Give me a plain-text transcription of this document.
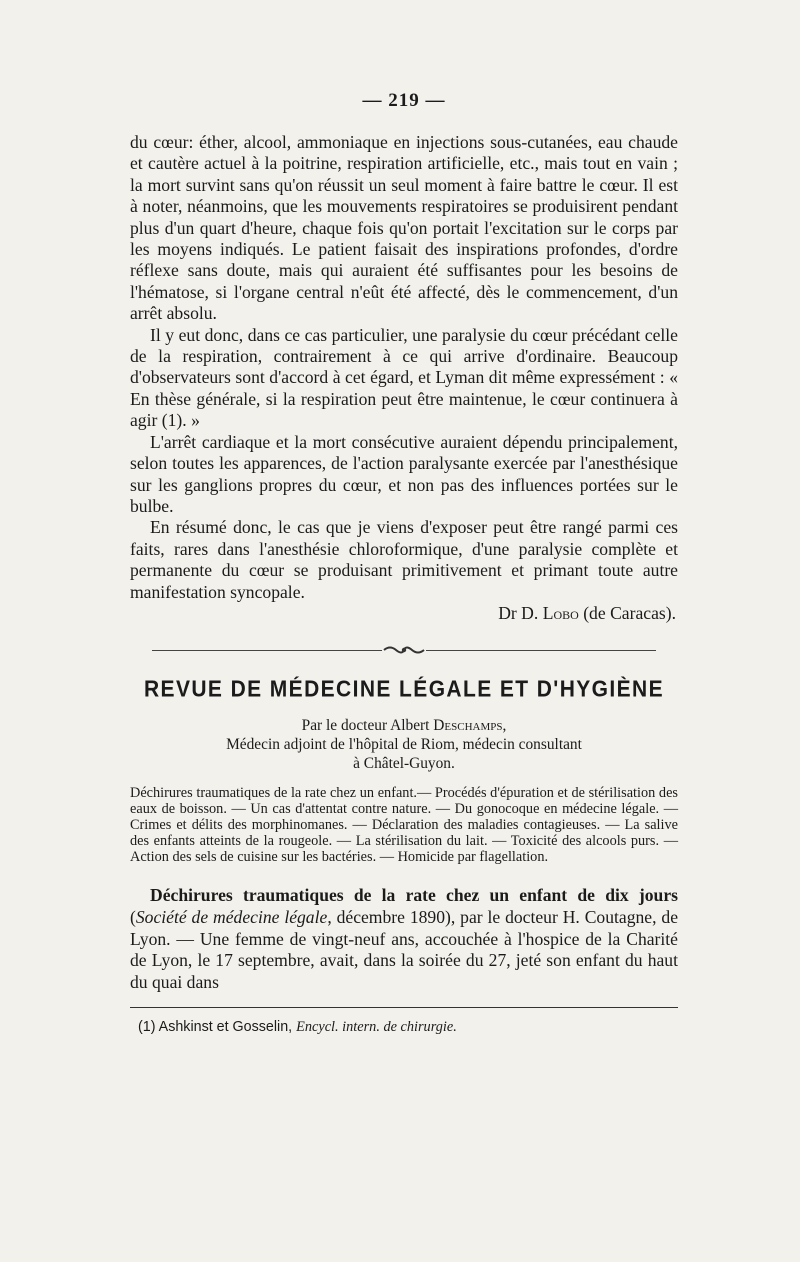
— 219 —

du cœur: éther, alcool, ammoniaque en injections sous-cutanées, eau chaude et cautère actuel à la poitrine, respiration artificielle, etc., mais tout en vain ; la mort survint sans qu'on réussit un seul moment à faire battre le cœur. Il est à noter, néanmoins, que les mouvements respiratoires se produisirent pendant plus d'un quart d'heure, chaque fois qu'on portait l'excitation sur le corps par les moyens indiqués. Le patient faisait des inspirations profondes, d'ordre réflexe sans doute, mais qui auraient été suffisantes pour les besoins de l'hématose, si l'organe central n'eût été affecté, dès le commencement, d'un arrêt absolu.

Il y eut donc, dans ce cas particulier, une paralysie du cœur précédant celle de la respiration, contrairement à ce qui arrive d'ordinaire. Beaucoup d'observateurs sont d'accord à cet égard, et Lyman dit même expressément : « En thèse générale, si la respiration peut être maintenue, le cœur continuera à agir (1). »

L'arrêt cardiaque et la mort consécutive auraient dépendu principalement, selon toutes les apparences, de l'action paralysante exercée par l'anesthésique sur les ganglions propres du cœur, et non pas des influences portées sur le bulbe.

En résumé donc, le cas que je viens d'exposer peut être rangé parmi ces faits, rares dans l'anesthésie chloroformique, d'une paralysie complète et permanente du cœur se produisant primitivement et primant toute autre manifestation syncopale.

Dr D. Lobo (de Caracas).

REVUE DE MÉDECINE LÉGALE ET D'HYGIÈNE

Par le docteur Albert Deschamps,

Médecin adjoint de l'hôpital de Riom, médecin consultant

à Châtel-Guyon.

Déchirures traumatiques de la rate chez un enfant.— Procédés d'épuration et de stérilisation des eaux de boisson. — Un cas d'attentat contre nature. — Du gonocoque en médecine légale. — Crimes et délits des morphinomanes. — Déclaration des maladies contagieuses. — La salive des enfants atteints de la rougeole. — La stérilisation du lait. — Toxicité des alcools purs. — Action des sels de cuisine sur les bactéries. — Homicide par flagellation.

Déchirures traumatiques de la rate chez un enfant de dix jours (Société de médecine légale, décembre 1890), par le docteur H. Coutagne, de Lyon. — Une femme de vingt-neuf ans, accouchée à l'hospice de la Charité de Lyon, le 17 septembre, avait, dans la soirée du 27, jeté son enfant du haut du quai dans

(1) Ashkinst et Gosselin, Encycl. intern. de chirurgie.
